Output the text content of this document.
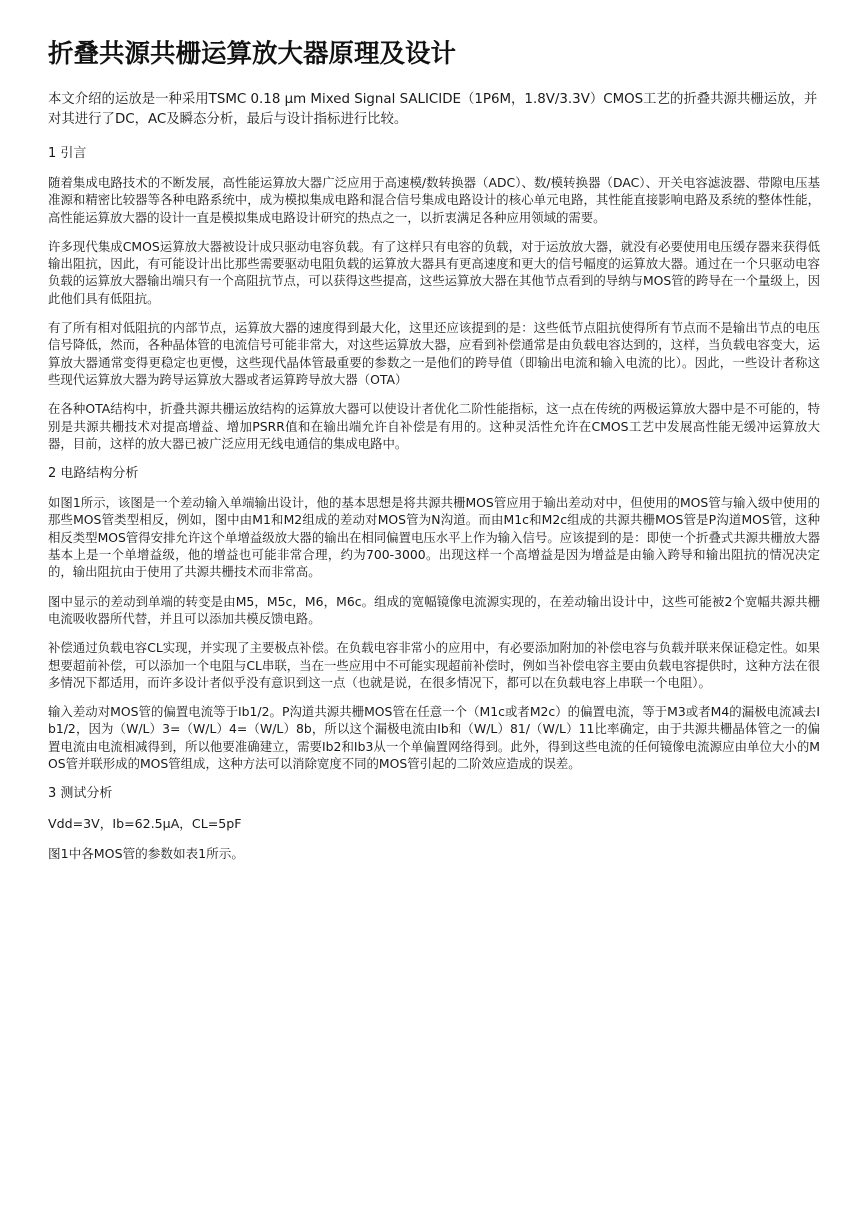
折叠共源共栅运算放大器原理及设计

本文介绍的运放是一种采用TSMC 0.18 μm Mixed Signal SALICIDE（1P6M，1.8V/3.3V）CMOS工艺的折叠共源共栅运放，并对其进行了DC，AC及瞬态分析，最后与设计指标进行比较。

1 引言

随着集成电路技术的不断发展，高性能运算放大器广泛应用于高速模/数转换器（ADC）、数/模转换器（DAC）、开关电容滤波器、带隙电压基准源和精密比较器等各种电路系统中，成为模拟集成电路和混合信号集成电路设计的核心单元电路，其性能直接影响电路及系统的整体性能，高性能运算放大器的设计一直是模拟集成电路设计研究的热点之一，以折衷满足各种应用领域的需要。

许多现代集成CMOS运算放大器被设计成只驱动电容负载。有了这样只有电容的负载，对于运放放大器，就没有必要使用电压缓存器来获得低输出阻抗，因此，有可能设计出比那些需要驱动电阻负载的运算放大器具有更高速度和更大的信号幅度的运算放大器。通过在一个只驱动电容负载的运算放大器输出端只有一个高阻抗节点，可以获得这些提高，这些运算放大器在其他节点看到的导纳与MOS管的跨导在一个量级上，因此他们具有低阻抗。

有了所有相对低阻抗的内部节点，运算放大器的速度得到最大化，这里还应该提到的是：这些低节点阻抗使得所有节点而不是输出节点的电压信号降低，然而，各种晶体管的电流信号可能非常大，对这些运算放大器，应看到补偿通常是由负载电容达到的，这样，当负载电容变大，运算放大器通常变得更稳定也更慢，这些现代晶体管最重要的参数之一是他们的跨导值（即输出电流和输入电流的比）。因此，一些设计者称这些现代运算放大器为跨导运算放大器或者运算跨导放大器（OTA）

在各种OTA结构中，折叠共源共栅运放结构的运算放大器可以使设计者优化二阶性能指标，这一点在传统的两极运算放大器中是不可能的，特别是共源共栅技术对提高增益、增加PSRR值和在输出端允许自补偿是有用的。这种灵活性允许在CMOS工艺中发展高性能无缓冲运算放大器，目前，这样的放大器已被广泛应用无线电通信的集成电路中。

2 电路结构分析

如图1所示，该图是一个差动输入单端输出设计，他的基本思想是将共源共栅MOS管应用于输出差动对中，但使用的MOS管与输入级中使用的那些MOS管类型相反，例如，图中由M1和M2组成的差动对MOS管为N沟道。而由M1c和M2c组成的共源共栅MOS管是P沟道MOS管，这种相反类型MOS管得安排允许这个单增益级放大器的输出在相同偏置电压水平上作为输入信号。应该提到的是：即使一个折叠式共源共栅放大器基本上是一个单增益级，他的增益也可能非常合理，约为700-3000。出现这样一个高增益是因为增益是由输入跨导和输出阻抗的情况决定的，输出阻抗由于使用了共源共栅技术而非常高。

图中显示的差动到单端的转变是由M5，M5c，M6，M6c。组成的宽幅镜像电流源实现的，在差动输出设计中，这些可能被2个宽幅共源共栅电流吸收器所代替，并且可以添加共模反馈电路。

补偿通过负载电容CL实现，并实现了主要极点补偿。在负载电容非常小的应用中，有必要添加附加的补偿电容与负载并联来保证稳定性。如果想要超前补偿，可以添加一个电阻与CL串联，当在一些应用中不可能实现超前补偿时，例如当补偿电容主要由负载电容提供时，这种方法在很多情况下都适用，而许多设计者似乎没有意识到这一点（也就是说，在很多情况下，都可以在负载电容上串联一个电阻）。

输入差动对MOS管的偏置电流等于Ib1/2。P沟道共源共栅MOS管在任意一个（M1c或者M2c）的偏置电流，等于M3或者M4的漏极电流减去Ib1/2，因为（W/L）3=（W/L）4=（W/L）8b，所以这个漏极电流由Ib和（W/L）81/（W/L）11比率确定，由于共源共栅晶体管之一的偏置电流由电流相减得到，所以他要准确建立，需要Ib2和Ib3从一个单偏置网络得到。此外，得到这些电流的任何镜像电流源应由单位大小的MOS管并联形成的MOS管组成，这种方法可以消除宽度不同的MOS管引起的二阶效应造成的误差。

3 测试分析

Vdd=3V，Ib=62.5μA，CL=5pF

图1中各MOS管的参数如表1所示。
